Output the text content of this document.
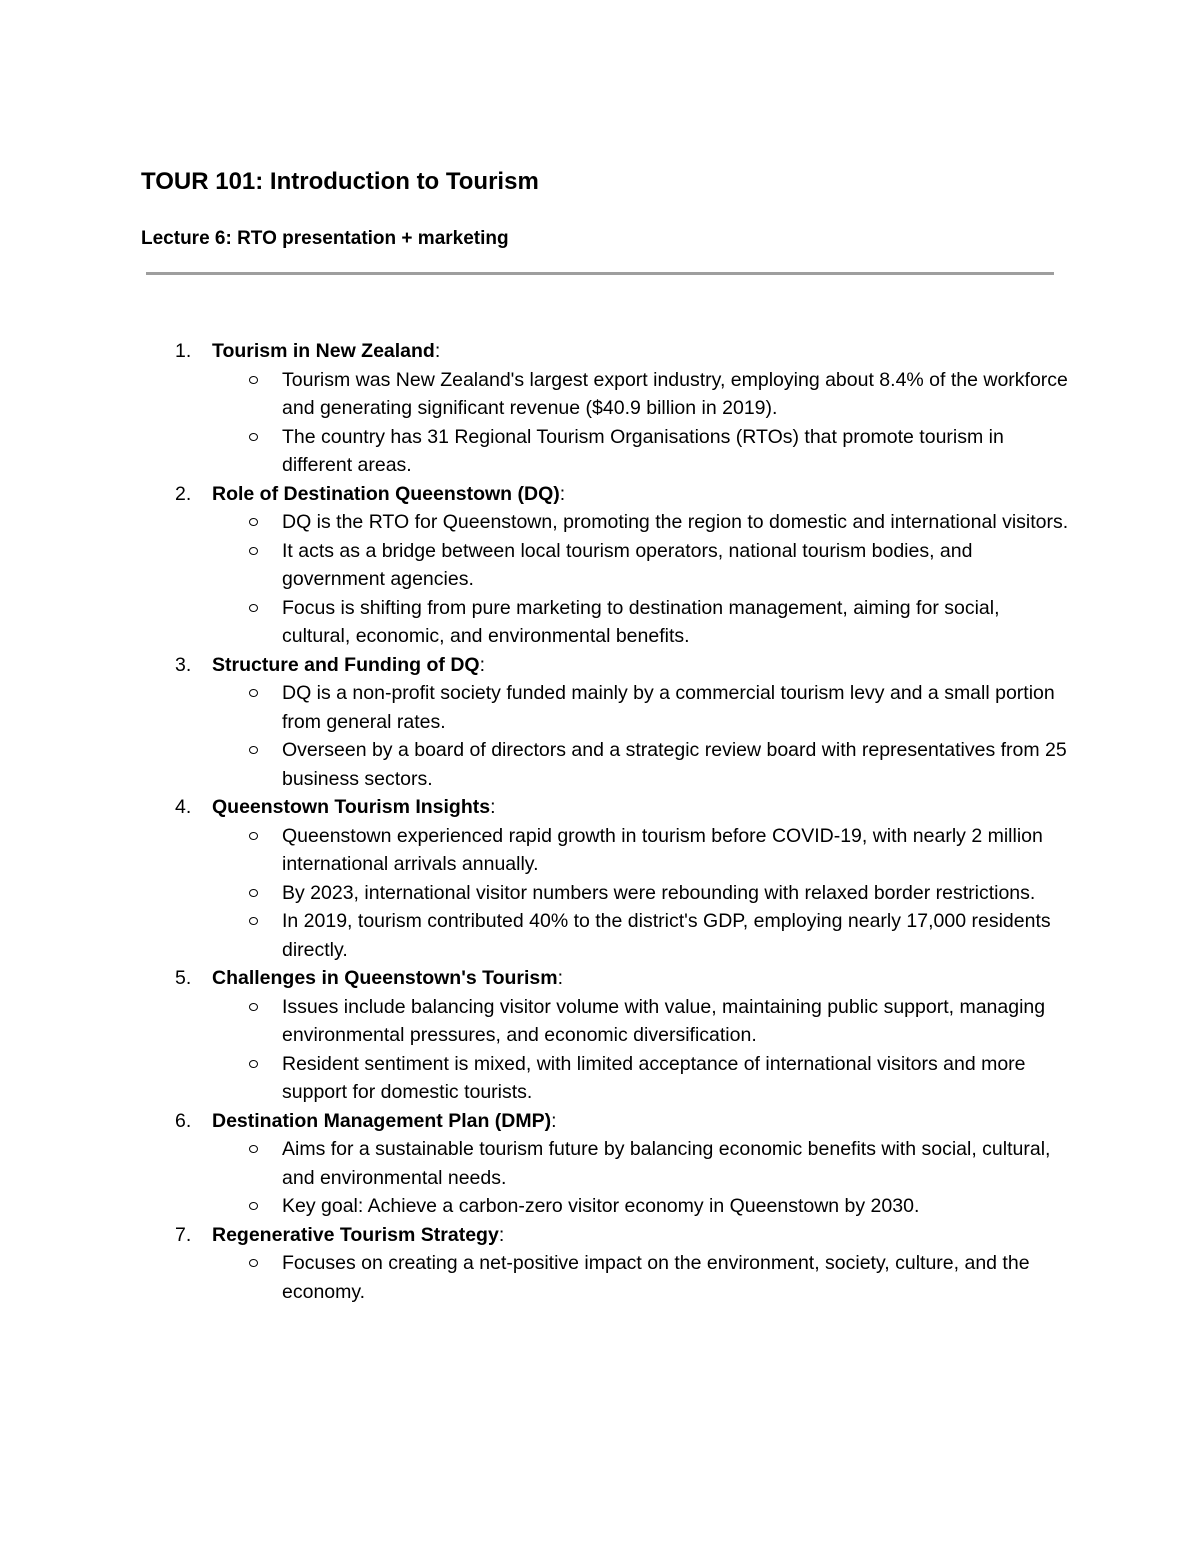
TOUR 101: Introduction to Tourism
Lecture 6: RTO presentation + marketing
1. Tourism in New Zealand:
Tourism was New Zealand's largest export industry, employing about 8.4% of the workforce and generating significant revenue ($40.9 billion in 2019).
The country has 31 Regional Tourism Organisations (RTOs) that promote tourism in different areas.
2. Role of Destination Queenstown (DQ):
DQ is the RTO for Queenstown, promoting the region to domestic and international visitors.
It acts as a bridge between local tourism operators, national tourism bodies, and government agencies.
Focus is shifting from pure marketing to destination management, aiming for social, cultural, economic, and environmental benefits.
3. Structure and Funding of DQ:
DQ is a non-profit society funded mainly by a commercial tourism levy and a small portion from general rates.
Overseen by a board of directors and a strategic review board with representatives from 25 business sectors.
4. Queenstown Tourism Insights:
Queenstown experienced rapid growth in tourism before COVID-19, with nearly 2 million international arrivals annually.
By 2023, international visitor numbers were rebounding with relaxed border restrictions.
In 2019, tourism contributed 40% to the district's GDP, employing nearly 17,000 residents directly.
5. Challenges in Queenstown's Tourism:
Issues include balancing visitor volume with value, maintaining public support, managing environmental pressures, and economic diversification.
Resident sentiment is mixed, with limited acceptance of international visitors and more support for domestic tourists.
6. Destination Management Plan (DMP):
Aims for a sustainable tourism future by balancing economic benefits with social, cultural, and environmental needs.
Key goal: Achieve a carbon-zero visitor economy in Queenstown by 2030.
7. Regenerative Tourism Strategy:
Focuses on creating a net-positive impact on the environment, society, culture, and the economy.
